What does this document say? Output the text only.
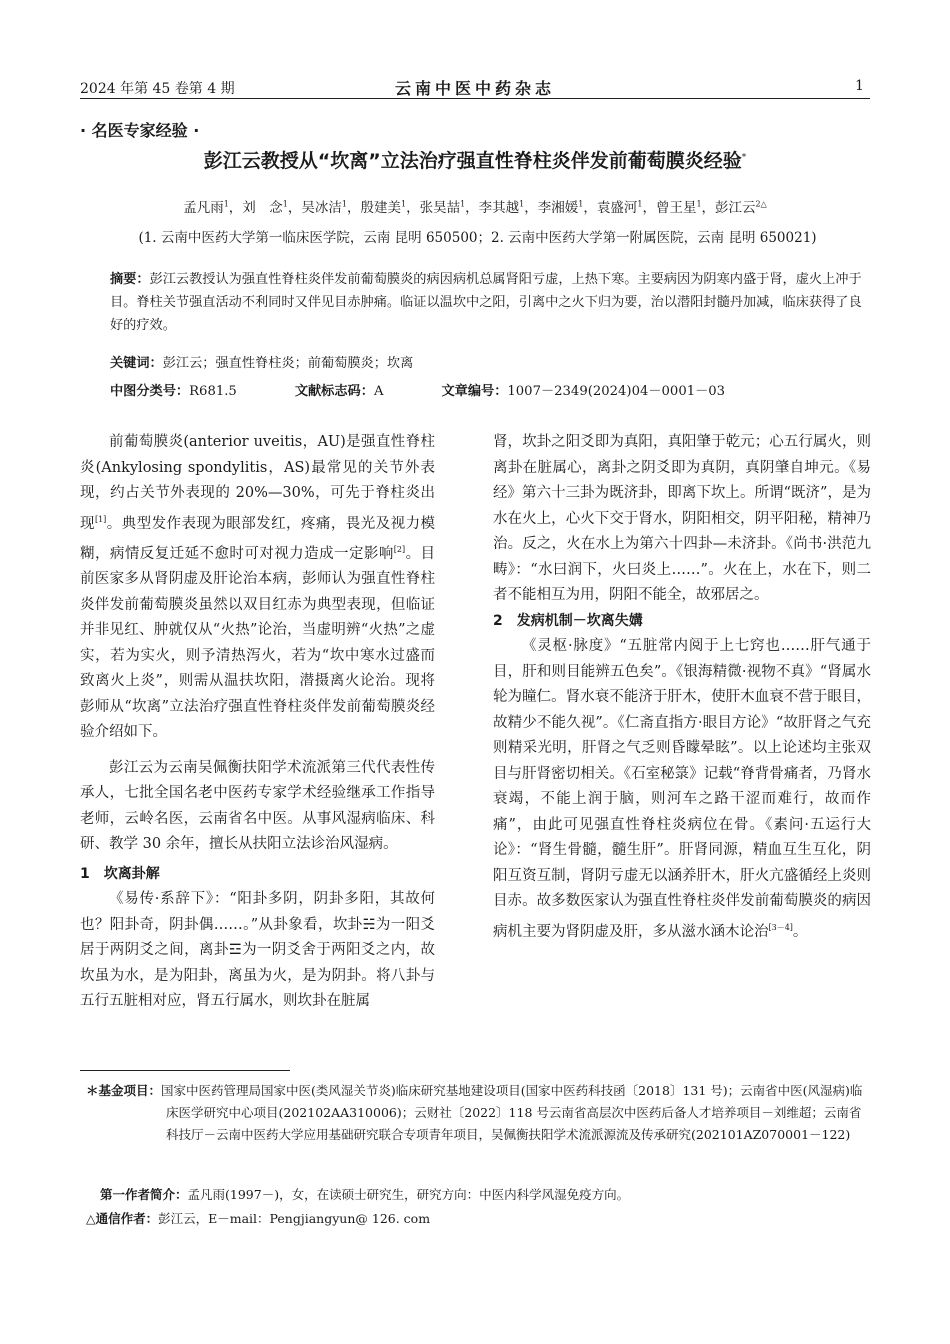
2024 年第 45 卷第 4 期	云南中医中药杂志	1
· 名医专家经验 ·
彭江云教授从“坎离”立法治疗强直性脊柱炎伴发前葡萄膜炎经验*
孟凡雨$^1$，刘　念$^1$，吴冰洁$^1$，殷建美$^1$，张昊喆$^1$，李其越$^1$，李湘媛$^1$，袁盛河$^1$，曾王星$^1$，彭江云$^{2\triangle}$
(1. 云南中医药大学第一临床医学院，云南 昆明 650500；2. 云南中医药大学第一附属医院，云南 昆明 650021)
摘要：彭江云教授认为强直性脊柱炎伴发前葡萄膜炎的病因病机总属肾阳亏虚，上热下寒。主要病因为阴寒内盛于肾，虚火上冲于目。脊柱关节强直活动不利同时又伴见目赤肿痛。临证以温坎中之阳，引离中之火下归为要，治以潜阳封髓丹加减，临床获得了良好的疗效。
关键词：彭江云；强直性脊柱炎；前葡萄膜炎；坎离
中图分类号：R681.5	文献标志码：A	文章编号：1007－2349(2024)04－0001－03

前葡萄膜炎(anterior uveitis，AU)是强直性脊柱炎(Ankylosing spondylitis，AS)最常见的关节外表现，约占关节外表现的 20%—30%，可先于脊柱炎出现[1]。典型发作表现为眼部发红，疼痛，畏光及视力模糊，病情反复迁延不愈时可对视力造成一定影响[2]。目前医家多从肾阴虚及肝论治本病，彭师认为强直性脊柱炎伴发前葡萄膜炎虽然以双目红赤为典型表现，但临证并非见红、肿就仅从“火热”论治，当虚明辨“火热”之虚实，若为实火，则予清热泻火，若为“坎中寒水过盛而致离火上炎”，则需从温扶坎阳，潜摄离火论治。现将彭师从“坎离”立法治疗强直性脊柱炎伴发前葡萄膜炎经验介绍如下。

彭江云为云南吴佩衡扶阳学术流派第三代代表性传承人，七批全国名老中医药专家学术经验继承工作指导老师，云岭名医，云南省名中医。从事风湿病临床、科研、教学 30 余年，擅长从扶阳立法诊治风湿病。

1　坎离卦解

《易传·系辞下》：“阳卦多阴，阴卦多阳，其故何也？阳卦奇，阴卦偶……。”从卦象看，坎卦☵为一阳爻居于两阴爻之间，离卦☲为一阴爻舍于两阳爻之内，故坎虽为水，是为阳卦，离虽为火，是为阴卦。将八卦与五行五脏相对应，肾五行属水，则坎卦在脏属

肾，坎卦之阳爻即为真阳，真阳肇于乾元；心五行属火，则离卦在脏属心，离卦之阴爻即为真阴，真阴肇自坤元。《易经》第六十三卦为既济卦，即离下坎上。所谓“既济”，是为水在火上，心火下交于肾水，阴阳相交，阴平阳秘，精神乃治。反之，火在水上为第六十四卦—未济卦。《尚书·洪范九畴》：“水曰润下，火曰炎上……”。火在上，水在下，则二者不能相互为用，阴阳不能全，故邪居之。

2　发病机制－坎离失媾

《灵枢·脉度》“五脏常内阅于上七窍也……肝气通于目，肝和则目能辨五色矣”。《银海精微·视物不真》“肾属水轮为瞳仁。肾水衰不能济于肝木，使肝木血衰不营于眼目，故精少不能久视”。《仁斋直指方·眼目方论》“故肝肾之气充则精采光明，肝肾之气乏则昏矇晕眩”。以上论述均主张双目与肝肾密切相关。《石室秘箓》记载“脊背骨痛者，乃肾水衰竭，不能上润于脑，则河车之路干涩而难行，故而作痛”，由此可见强直性脊柱炎病位在骨。《素问·五运行大论》：“肾生骨髓，髓生肝”。肝肾同源，精血互生互化，阴阳互资互制，肾阴亏虚无以涵养肝木，肝火亢盛循经上炎则目赤。故多数医家认为强直性脊柱炎伴发前葡萄膜炎的病因病机主要为肾阴虚及肝，多从滋水涵木论治[3－4]。

＊基金项目：国家中医药管理局国家中医(类风湿关节炎)临床研究基地建设项目(国家中医药科技函〔2018〕131 号)；云南省中医(风湿病)临床医学研究中心项目(202102AA310006)；云财社〔2022〕118 号云南省高层次中医药后备人才培养项目－刘维超；云南省科技厅－云南中医药大学应用基础研究联合专项青年项目，吴佩衡扶阳学术流派源流及传承研究(202101AZ070001－122)
第一作者简介：孟凡雨(1997－)，女，在读硕士研究生，研究方向：中医内科学风湿免疫方向。
△通信作者：彭江云，E－mail：Pengjiangyun@ 126. com
